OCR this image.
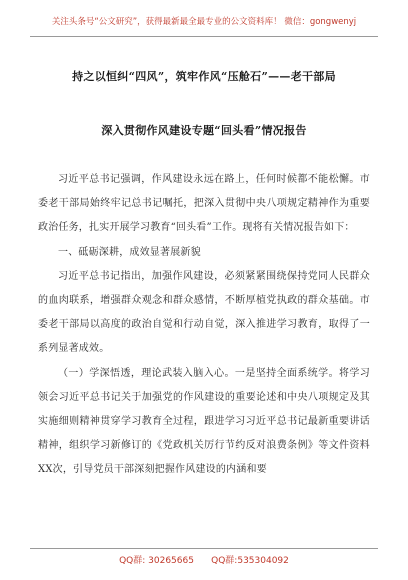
关注头条号“公文研究”，获得最新最全最专业的公文资料库！ 微信：gongwenyj
持之以恒纠“四风”，筑牢作风“压舱石”——老干部局
深入贯彻作风建设专题“回头看”情况报告

习近平总书记强调，作风建设永远在路上，任何时候都不能松懈。市委老干部局始终牢记总书记嘱托，把深入贯彻中央八项规定精神作为重要政治任务，扎实开展学习教育“回头看”工作。现将有关情况报告如下：

一、砥砺深耕，成效显著展新貌

习近平总书记指出，加强作风建设，必须紧紧围绕保持党同人民群众的血肉联系，增强群众观念和群众感情，不断厚植党执政的群众基础。市委老干部局以高度的政治自觉和行动自觉，深入推进学习教育，取得了一系列显著成效。

（一）学深悟透，理论武装入脑入心。一是坚持全面系统学。将学习领会习近平总书记关于加强党的作风建设的重要论述和中央八项规定及其实施细则精神贯穿学习教育全过程，跟进学习习近平总书记最新重要讲话精神，组织学习新修订的《党政机关厉行节约反对浪费条例》等文件资料XX次，引导党员干部深刻把握作风建设的内涵和要

QQ群: 30265665 QQ群:535304092
